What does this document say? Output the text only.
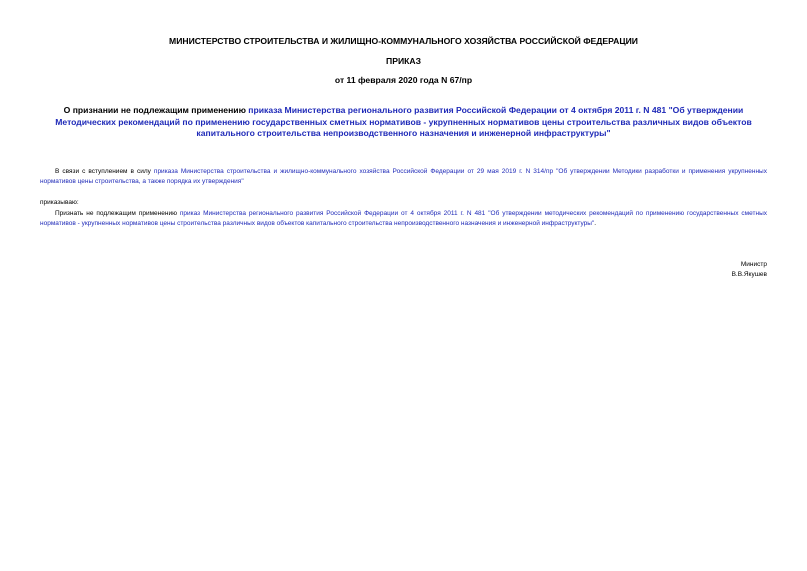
МИНИСТЕРСТВО СТРОИТЕЛЬСТВА И ЖИЛИЩНО-КОММУНАЛЬНОГО ХОЗЯЙСТВА РОССИЙСКОЙ ФЕДЕРАЦИИ
ПРИКАЗ
от 11 февраля 2020 года N 67/пр
О признании не подлежащим применению приказа Министерства регионального развития Российской Федерации от 4 октября 2011 г. N 481 "Об утверждении Методических рекомендаций по применению государственных сметных нормативов - укрупненных нормативов цены строительства различных видов объектов капитального строительства непроизводственного назначения и инженерной инфраструктуры"
В связи с вступлением в силу приказа Министерства строительства и жилищно-коммунального хозяйства Российской Федерации от 29 мая 2019 г. N 314/пр "Об утверждении Методики разработки и применения укрупненных нормативов цены строительства, а также порядка их утверждения"
приказываю:
Признать не подлежащим применению приказ Министерства регионального развития Российской Федерации от 4 октября 2011 г. N 481 "Об утверждении методических рекомендаций по применению государственных сметных нормативов - укрупненных нормативов цены строительства различных видов объектов капитального строительства непроизводственного назначения и инженерной инфраструктуры".
Министр
В.В.Якушев
